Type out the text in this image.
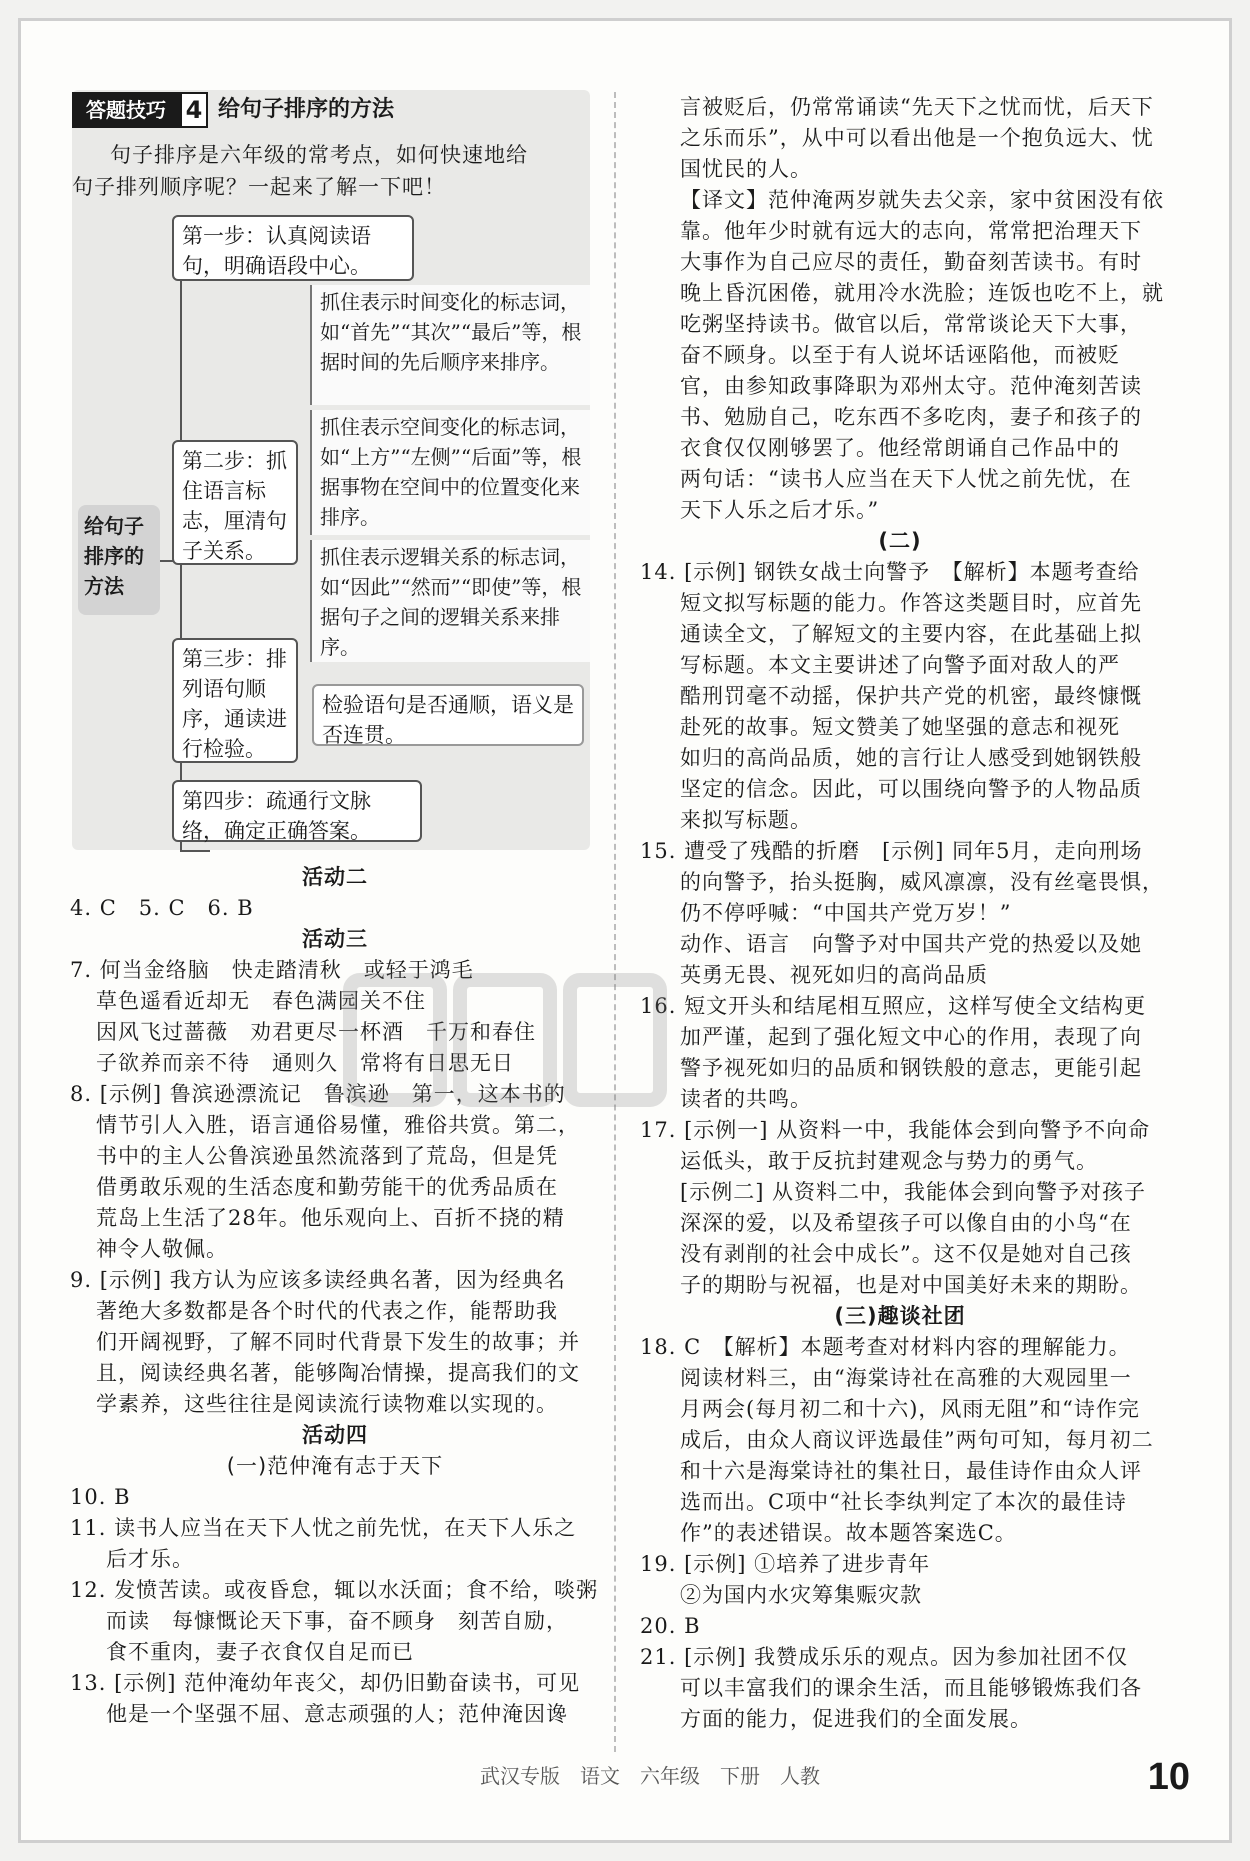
答题技巧 4 给句子排序的方法
句子排序是六年级的常考点，如何快速地给
句子排列顺序呢？一起来了解一下吧！
给句子排序的方法
第一步：认真阅读语句，明确语段中心。
抓住表示时间变化的标志词，如“首先”“其次”“最后”等，根据时间的先后顺序来排序。
抓住表示空间变化的标志词，如“上方”“左侧”“后面”等，根据事物在空间中的位置变化来排序。
第二步：抓住语言标志，厘清句子关系。	抓住表示逻辑关系的标志词，如“因此”“然而”“即使”等，根据句子之间的逻辑关系来排序。
第三步：排列语句顺序，通读进行检验。
检验语句是否通顺，语义是否连贯。
第四步：疏通行文脉络，确定正确答案。
活动二
4. C　5. C　6. B
活动三
7. 何当金络脑　快走踏清秋　或轻于鸿毛
草色遥看近却无　春色满园关不住
因风飞过蔷薇　劝君更尽一杯酒　千万和春住
子欲养而亲不待　通则久　常将有日思无日
8. [示例] 鲁滨逊漂流记　鲁滨逊　第一，这本书的
情节引人入胜，语言通俗易懂，雅俗共赏。第二，
书中的主人公鲁滨逊虽然流落到了荒岛，但是凭
借勇敢乐观的生活态度和勤劳能干的优秀品质在
荒岛上生活了28年。他乐观向上、百折不挠的精
神令人敬佩。
9. [示例] 我方认为应该多读经典名著，因为经典名
著绝大多数都是各个时代的代表之作，能帮助我
们开阔视野，了解不同时代背景下发生的故事；并
且，阅读经典名著，能够陶冶情操，提高我们的文
学素养，这些往往是阅读流行读物难以实现的。
活动四
(一)范仲淹有志于天下
10. B
11. 读书人应当在天下人忧之前先忧，在天下人乐之
后才乐。
12. 发愤苦读。或夜昏怠，辄以水沃面；食不给，啖粥
而读　每慷慨论天下事，奋不顾身　刻苦自励，
食不重肉，妻子衣食仅自足而已
13. [示例] 范仲淹幼年丧父，却仍旧勤奋读书，可见
他是一个坚强不屈、意志顽强的人；范仲淹因谗
言被贬后，仍常常诵读“先天下之忧而忧，后天下
之乐而乐”，从中可以看出他是一个抱负远大、忧
国忧民的人。
【译文】范仲淹两岁就失去父亲，家中贫困没有依
靠。他年少时就有远大的志向，常常把治理天下
大事作为自己应尽的责任，勤奋刻苦读书。有时
晚上昏沉困倦，就用冷水洗脸；连饭也吃不上，就
吃粥坚持读书。做官以后，常常谈论天下大事，
奋不顾身。以至于有人说坏话诬陷他，而被贬
官，由参知政事降职为邓州太守。范仲淹刻苦读
书、勉励自己，吃东西不多吃肉，妻子和孩子的
衣食仅仅刚够罢了。他经常朗诵自己作品中的
两句话：“读书人应当在天下人忧之前先忧，在
天下人乐之后才乐。”
(二)
14. [示例] 钢铁女战士向警予　【解析】本题考查给
短文拟写标题的能力。作答这类题目时，应首先
通读全文，了解短文的主要内容，在此基础上拟
写标题。本文主要讲述了向警予面对敌人的严
酷刑罚毫不动摇，保护共产党的机密，最终慷慨
赴死的故事。短文赞美了她坚强的意志和视死
如归的高尚品质，她的言行让人感受到她钢铁般
坚定的信念。因此，可以围绕向警予的人物品质
来拟写标题。
15. 遭受了残酷的折磨　[示例] 同年5月，走向刑场
的向警予，抬头挺胸，威风凛凛，没有丝毫畏惧，
仍不停呼喊：“中国共产党万岁！”
动作、语言　向警予对中国共产党的热爱以及她
英勇无畏、视死如归的高尚品质
16. 短文开头和结尾相互照应，这样写使全文结构更
加严谨，起到了强化短文中心的作用，表现了向
警予视死如归的品质和钢铁般的意志，更能引起
读者的共鸣。
17. [示例一] 从资料一中，我能体会到向警予不向命
运低头，敢于反抗封建观念与势力的勇气。
[示例二] 从资料二中，我能体会到向警予对孩子
深深的爱，以及希望孩子可以像自由的小鸟“在
没有剥削的社会中成长”。这不仅是她对自己孩
子的期盼与祝福，也是对中国美好未来的期盼。
(三)趣谈社团
18. C　【解析】本题考查对材料内容的理解能力。
阅读材料三，由“海棠诗社在高雅的大观园里一
月两会(每月初二和十六)，风雨无阻”和“诗作完
成后，由众人商议评选最佳”两句可知，每月初二
和十六是海棠诗社的集社日，最佳诗作由众人评
选而出。C项中“社长李纨判定了本次的最佳诗
作”的表述错误。故本题答案选C。
19. [示例] ①培养了进步青年
②为国内水灾筹集赈灾款
20. B
21. [示例] 我赞成乐乐的观点。因为参加社团不仅
可以丰富我们的课余生活，而且能够锻炼我们各
方面的能力，促进我们的全面发展。
武汉专版　语文　六年级　下册　人教	10
